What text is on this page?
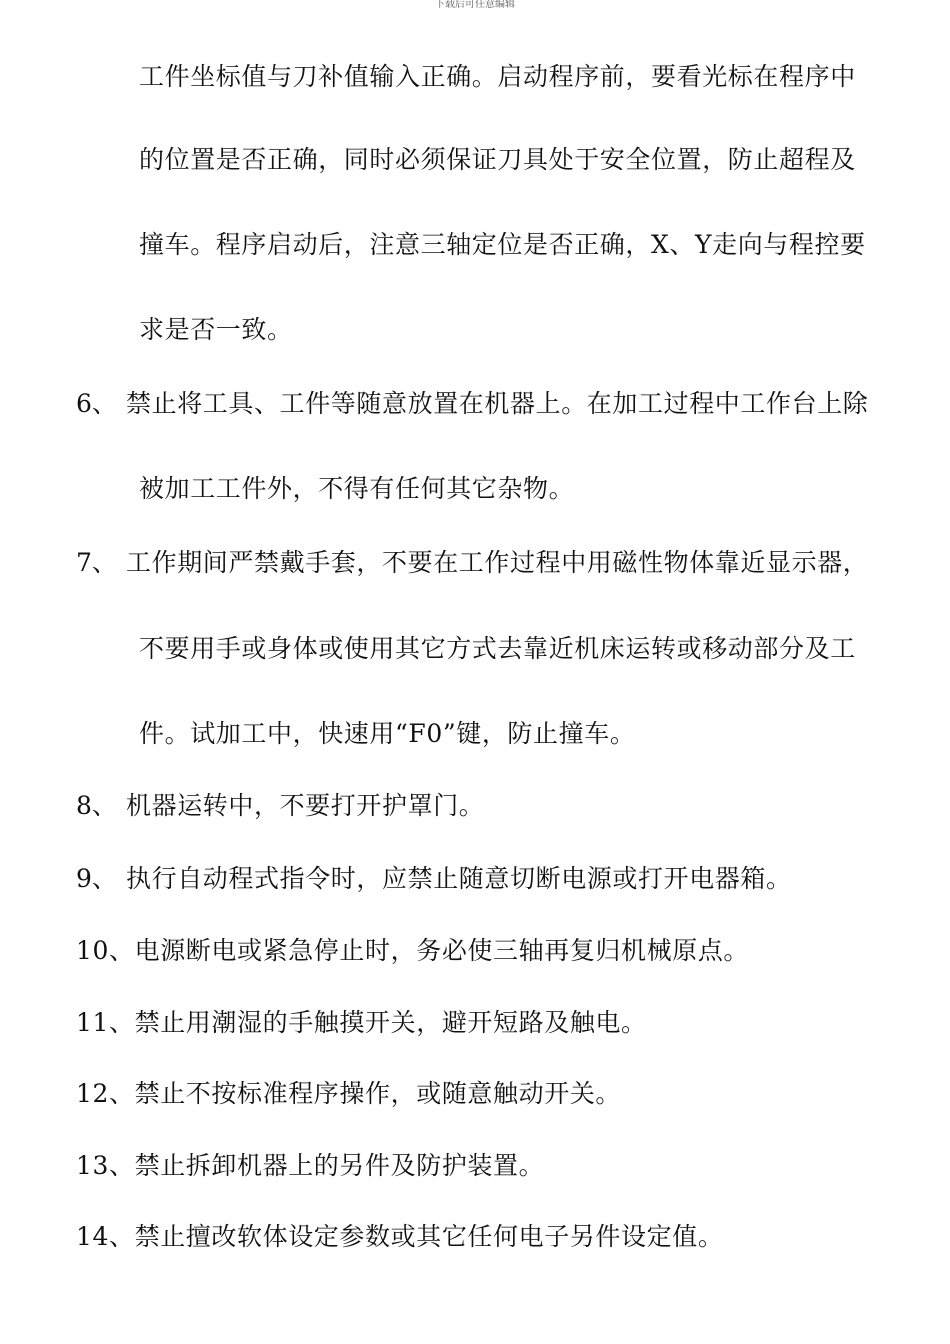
下载后可任意编辑
工件坐标值与刀补值输入正确。启动程序前，要看光标在程序中
的位置是否正确，同时必须保证刀具处于安全位置，防止超程及
撞车。程序启动后，注意三轴定位是否正确，X、Y走向与程控要
求是否一致。
6、 禁止将工具、工件等随意放置在机器上。在加工过程中工作台上除
被加工工件外，不得有任何其它杂物。
7、 工作期间严禁戴手套，不要在工作过程中用磁性物体靠近显示器，
不要用手或身体或使用其它方式去靠近机床运转或移动部分及工
件。试加工中，快速用“F0”键，防止撞车。
8、 机器运转中，不要打开护罩门。
9、 执行自动程式指令时，应禁止随意切断电源或打开电器箱。
10、电源断电或紧急停止时，务必使三轴再复归机械原点。
11、禁止用潮湿的手触摸开关，避开短路及触电。
12、禁止不按标准程序操作，或随意触动开关。
13、禁止拆卸机器上的另件及防护装置。
14、禁止擅改软体设定参数或其它任何电子另件设定值。
